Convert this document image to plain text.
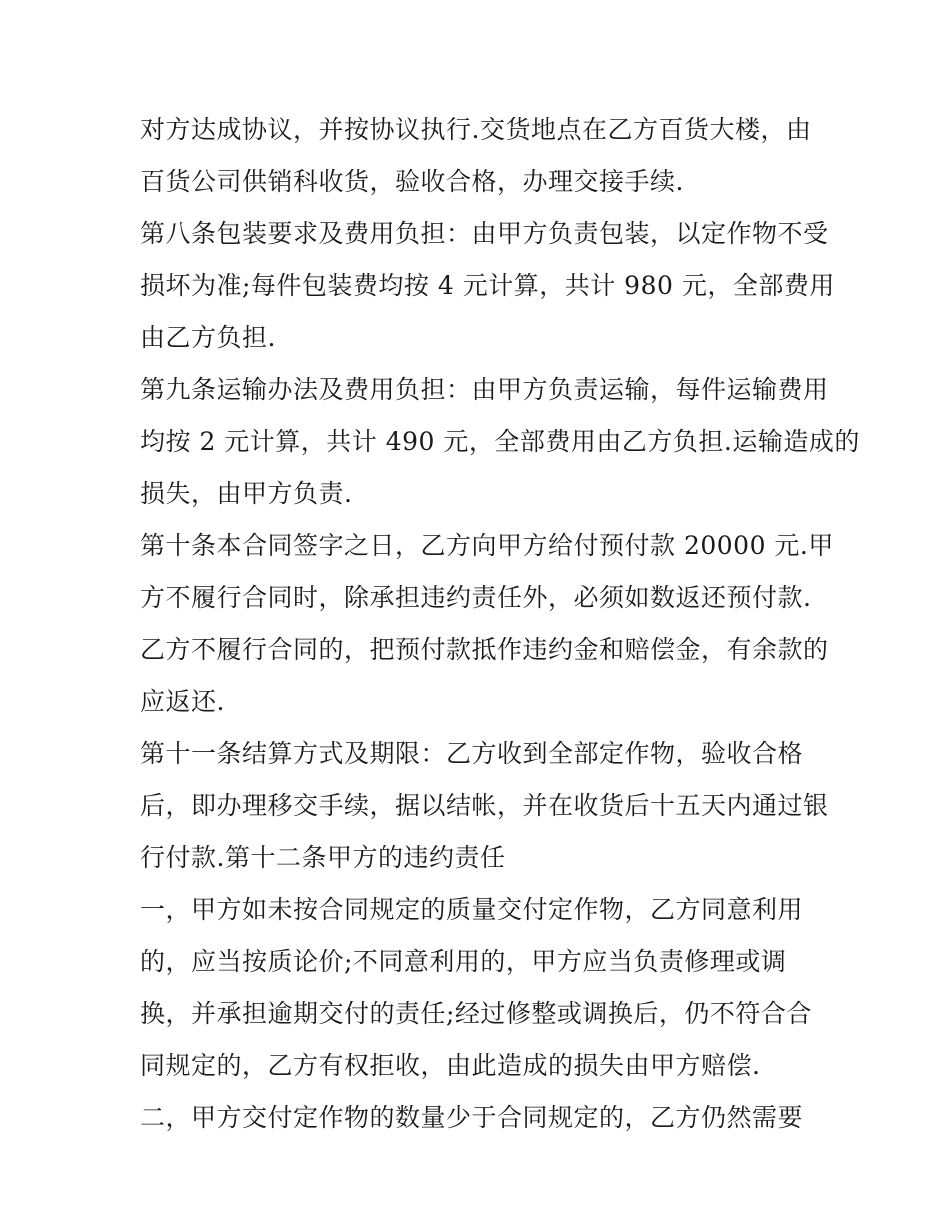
对方达成协议，并按协议执行.交货地点在乙方百货大楼，由
百货公司供销科收货，验收合格，办理交接手续.
第八条包装要求及费用负担：由甲方负责包装，以定作物不受
损坏为准;每件包装费均按 4 元计算，共计 980 元，全部费用
由乙方负担.
第九条运输办法及费用负担：由甲方负责运输，每件运输费用
均按 2 元计算，共计 490 元，全部费用由乙方负担.运输造成的
损失，由甲方负责.
第十条本合同签字之日，乙方向甲方给付预付款 20000 元.甲
方不履行合同时，除承担违约责任外，必须如数返还预付款.
乙方不履行合同的，把预付款抵作违约金和赔偿金，有余款的
应返还.
第十一条结算方式及期限：乙方收到全部定作物，验收合格
后，即办理移交手续，据以结帐，并在收货后十五天内通过银
行付款.第十二条甲方的违约责任
一，甲方如未按合同规定的质量交付定作物，乙方同意利用
的，应当按质论价;不同意利用的，甲方应当负责修理或调
换，并承担逾期交付的责任;经过修整或调换后，仍不符合合
同规定的，乙方有权拒收，由此造成的损失由甲方赔偿.
二，甲方交付定作物的数量少于合同规定的，乙方仍然需要
